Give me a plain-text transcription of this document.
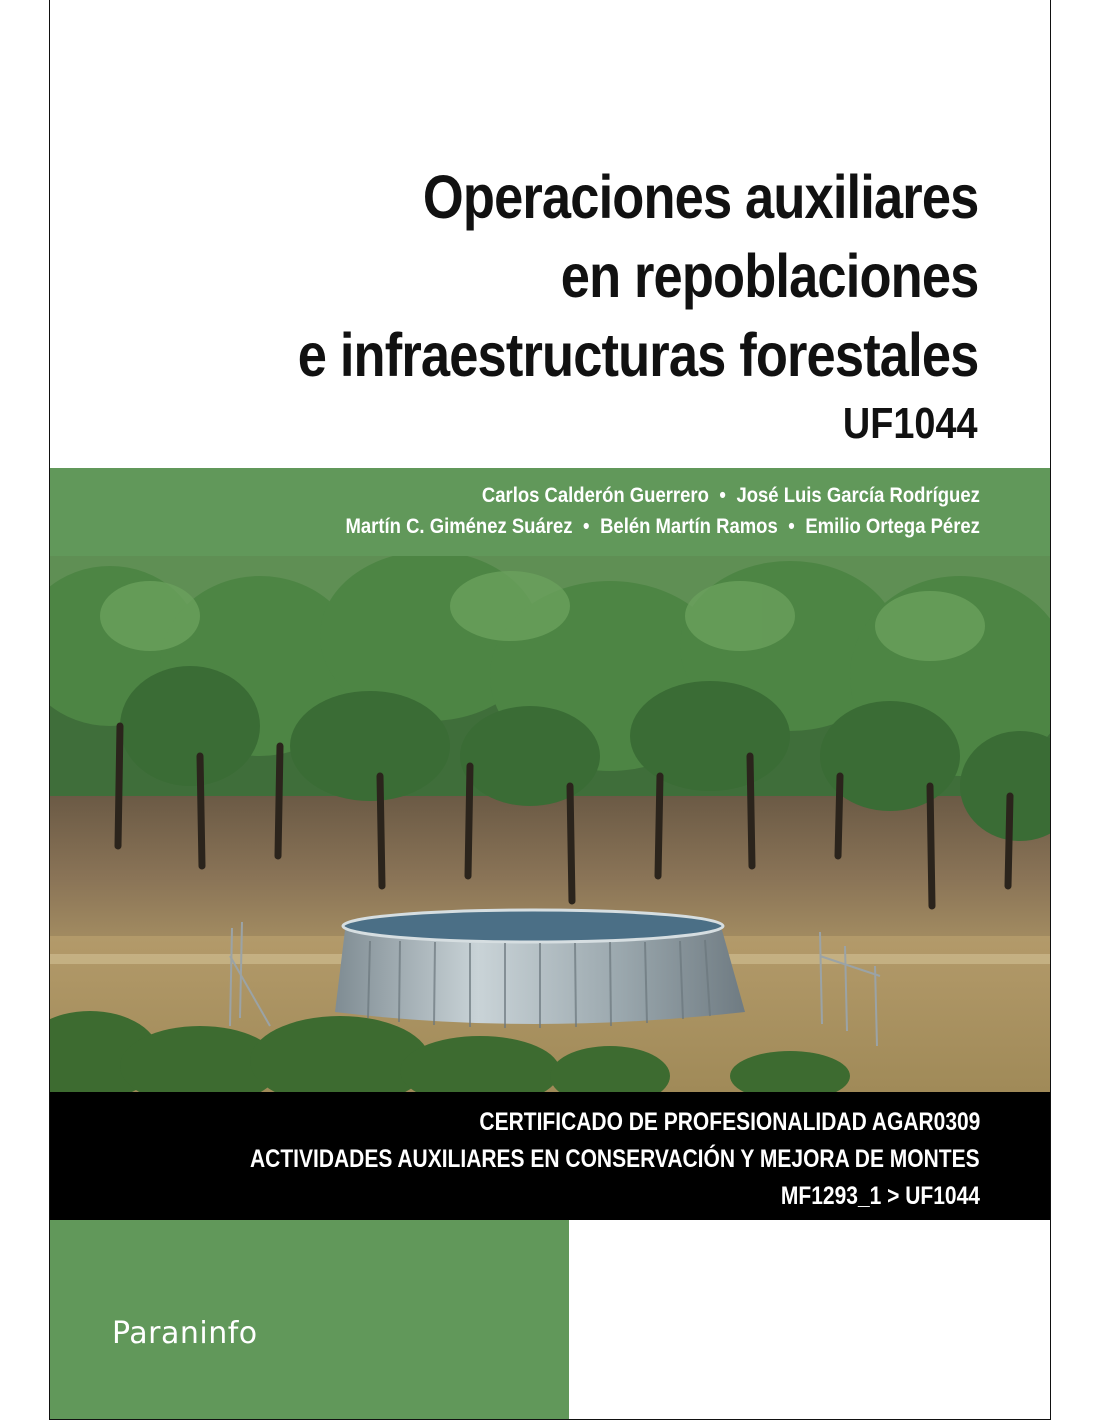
Operaciones auxiliares
en repoblaciones
e infraestructuras forestales
UF1044
Carlos Calderón Guerrero • José Luis García Rodríguez
Martín C. Giménez Suárez • Belén Martín Ramos • Emilio Ortega Pérez
CERTIFICADO DE PROFESIONALIDAD AGAR0309
ACTIVIDADES AUXILIARES EN CONSERVACIÓN Y MEJORA DE MONTES
MF1293_1 > UF1044
Paraninfo
